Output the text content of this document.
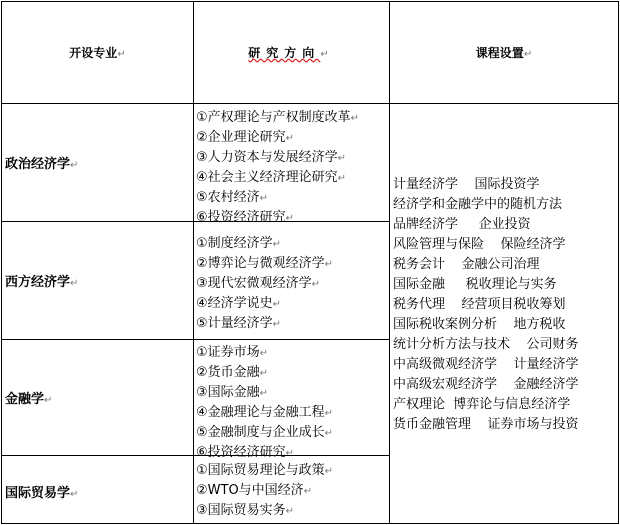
开设专业↵	研究方向↵	课程设置↵
政治经济学↵
①产权理论与产权制度改革↵
②企业理论研究↵
③人力资本与发展经济学↵
④社会主义经济理论研究↵
⑤农村经济↵
⑥投资经济研究↵
西方经济学↵
①制度经济学↵
②博弈论与微观经济学↵
③现代宏微观经济学↵
④经济学说史↵
⑤计量经济学↵
金融学↵
①证券市场↵
②货币金融↵
③国际金融↵
④金融理论与金融工程↵
⑤金融制度与企业成长↵
⑥投资经济研究↵
国际贸易学↵
①国际贸易理论与政策↵
②WTO与中国经济↵
③国际贸易实务↵
计量经济学    国际投资学
经济学和金融学中的随机方法
品牌经济学     企业投资
风险管理与保险    保险经济学
税务会计    金融公司治理
国际金融     税收理论与实务
税务代理    经营项目税收筹划
国际税收案例分析    地方税收
统计分析方法与技术    公司财务
中高级微观经济学    计量经济学
中高级宏观经济学    金融经济学
产权理论  博弈论与信息经济学
货币金融管理    证券市场与投资
